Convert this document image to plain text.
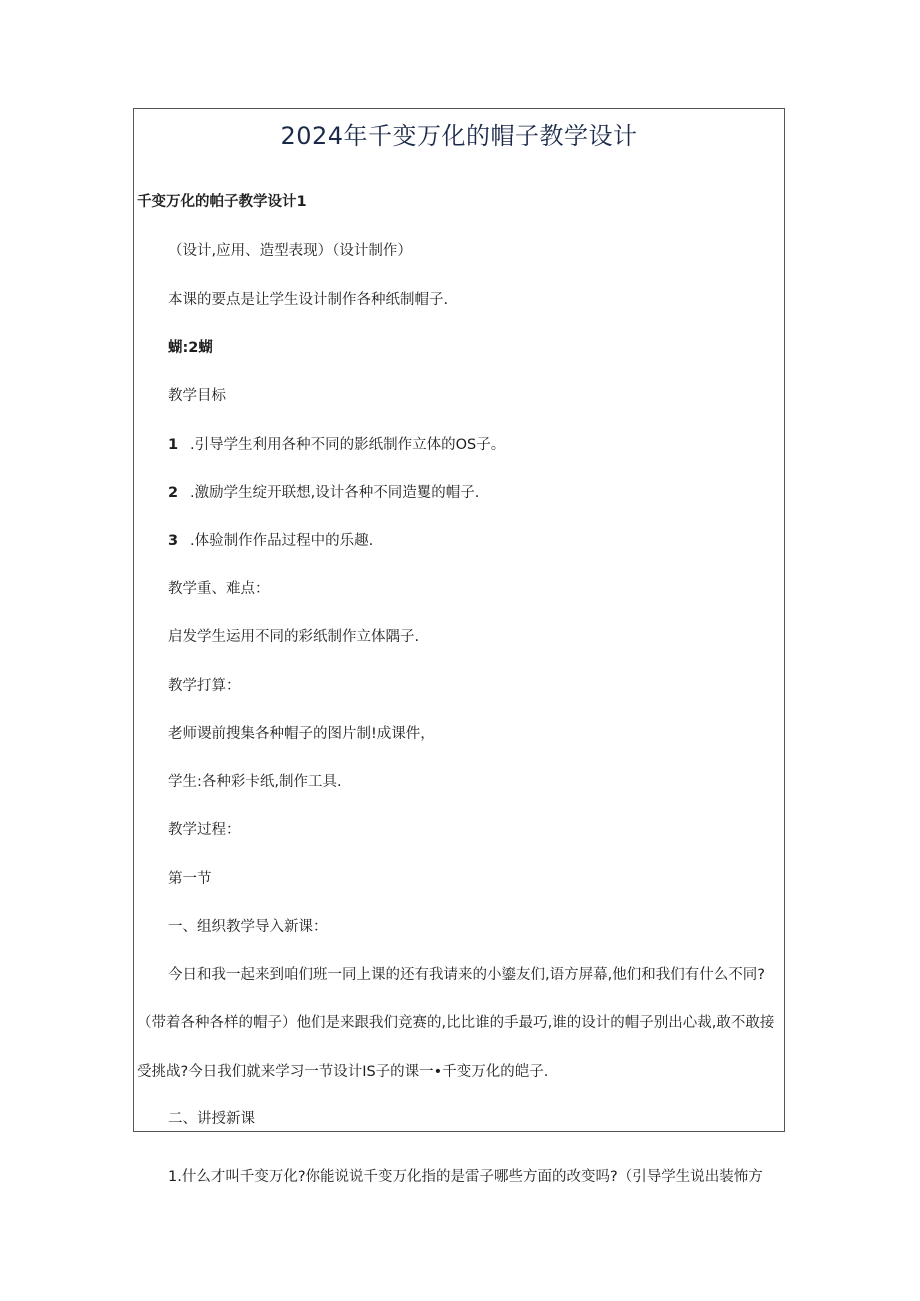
2024年千变万化的帽子教学设计
千变万化的帕子教学设计1
（设计,应用、造型表现）（设计制作）
本课的要点是让学生设计制作各种纸制帽子.
蝴:2蝴
教学目标
1 .引导学生利用各种不同的影纸制作立体的OS子。
2 .激励学生绽开联想,设计各种不同造矍的帽子.
3 .体验制作作品过程中的乐趣.
教学重、难点：
启发学生运用不同的彩纸制作立体隅子.
教学打算：
老师谡前搜集各种帽子的图片制!成课件，
学生:各种彩卡纸,制作工具.
教学过程：
第一节
一、组织教学导入新课：
今日和我一起来到咱们班一同上课的还有我请来的小鎏友们,语方屏幕,他们和我们有什么不同?
（带着各种各样的帽子）他们是来跟我们竞赛的,比比谁的手最巧,谁的设计的帽子别出心裁,敢不敢接
受挑战?今日我们就来学习一节设计IS子的课一•千变万化的皑子.
二、讲授新课
1.什么才叫千变万化?你能说说千变万化指的是雷子哪些方面的改变吗?（引导学生说出装怖方
